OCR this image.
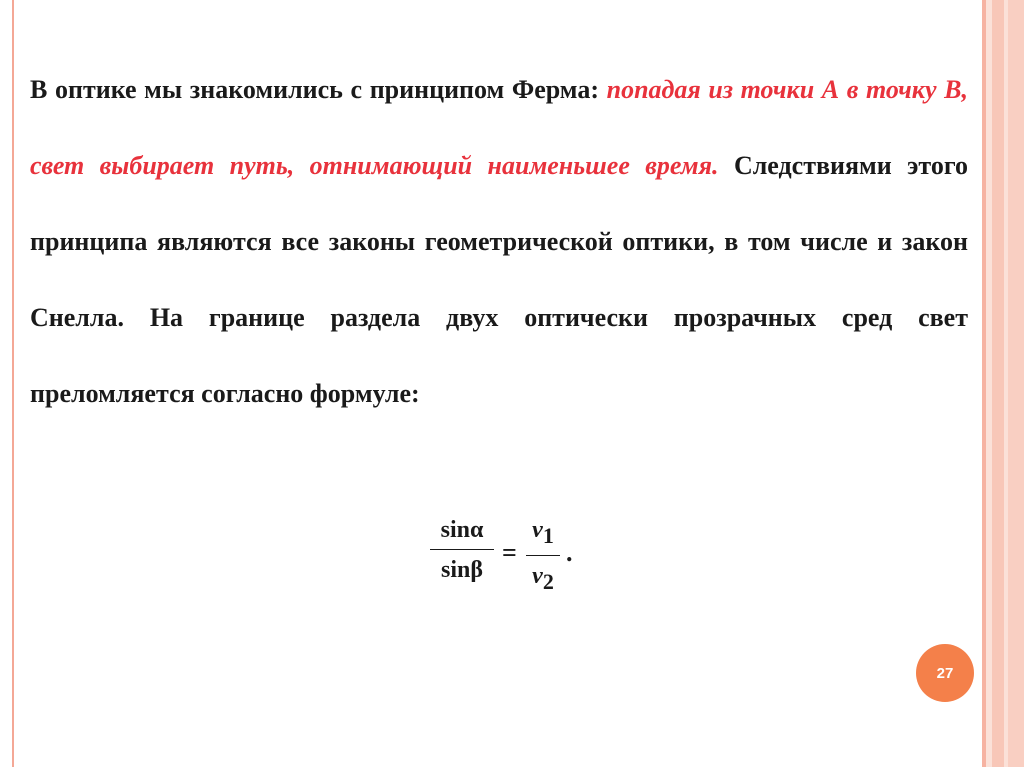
В оптике мы знакомились с принципом Ферма: попадая из точки А в точку В, свет выбирает путь, отнимающий наименьшее время. Следствиями этого принципа являются все законы геометрической оптики, в том числе и закон Снелла. На границе раздела двух оптически прозрачных сред свет преломляется согласно формуле:
sinα
sinβ
=
v1
v2
.
27
